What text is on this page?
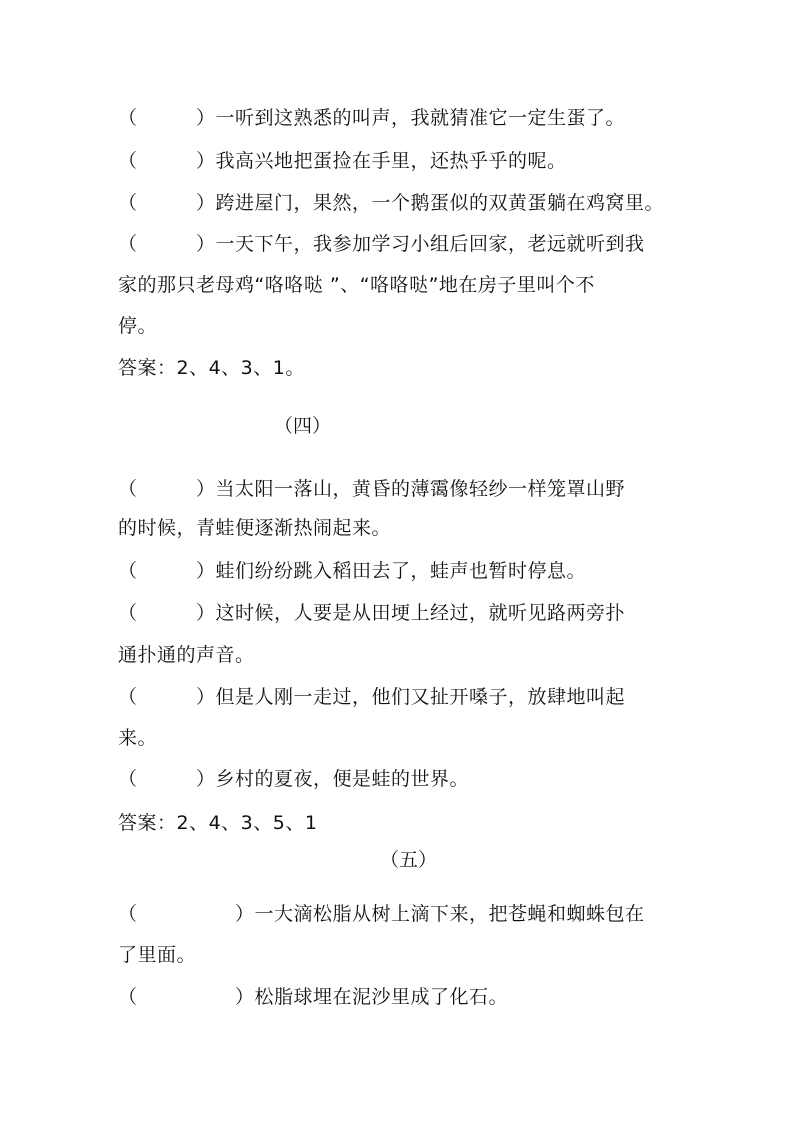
（　　　）一听到这熟悉的叫声，我就猜准它一定生蛋了。
（　　　）我高兴地把蛋捡在手里，还热乎乎的呢。
（　　　）跨进屋门，果然，一个鹅蛋似的双黄蛋躺在鸡窝里。
（　　　）一天下午，我参加学习小组后回家，老远就听到我
家的那只老母鸡“咯咯哒 ”、“咯咯哒”地在房子里叫个不
停。
答案：2、4、3、1。
（四）
（　　　）当太阳一落山，黄昏的薄霭像轻纱一样笼罩山野
的时候，青蛙便逐渐热闹起来。
（　　　）蛙们纷纷跳入稻田去了，蛙声也暂时停息。
（　　　）这时候，人要是从田埂上经过，就听见路两旁扑
通扑通的声音。
（　　　）但是人刚一走过，他们又扯开嗓子，放肆地叫起
来。
（　　　）乡村的夏夜，便是蛙的世界。
答案：2、4、3、5、1
（五）
（　　　　　）一大滴松脂从树上滴下来，把苍蝇和蜘蛛包在
了里面。
（　　　　　）松脂球埋在泥沙里成了化石。
